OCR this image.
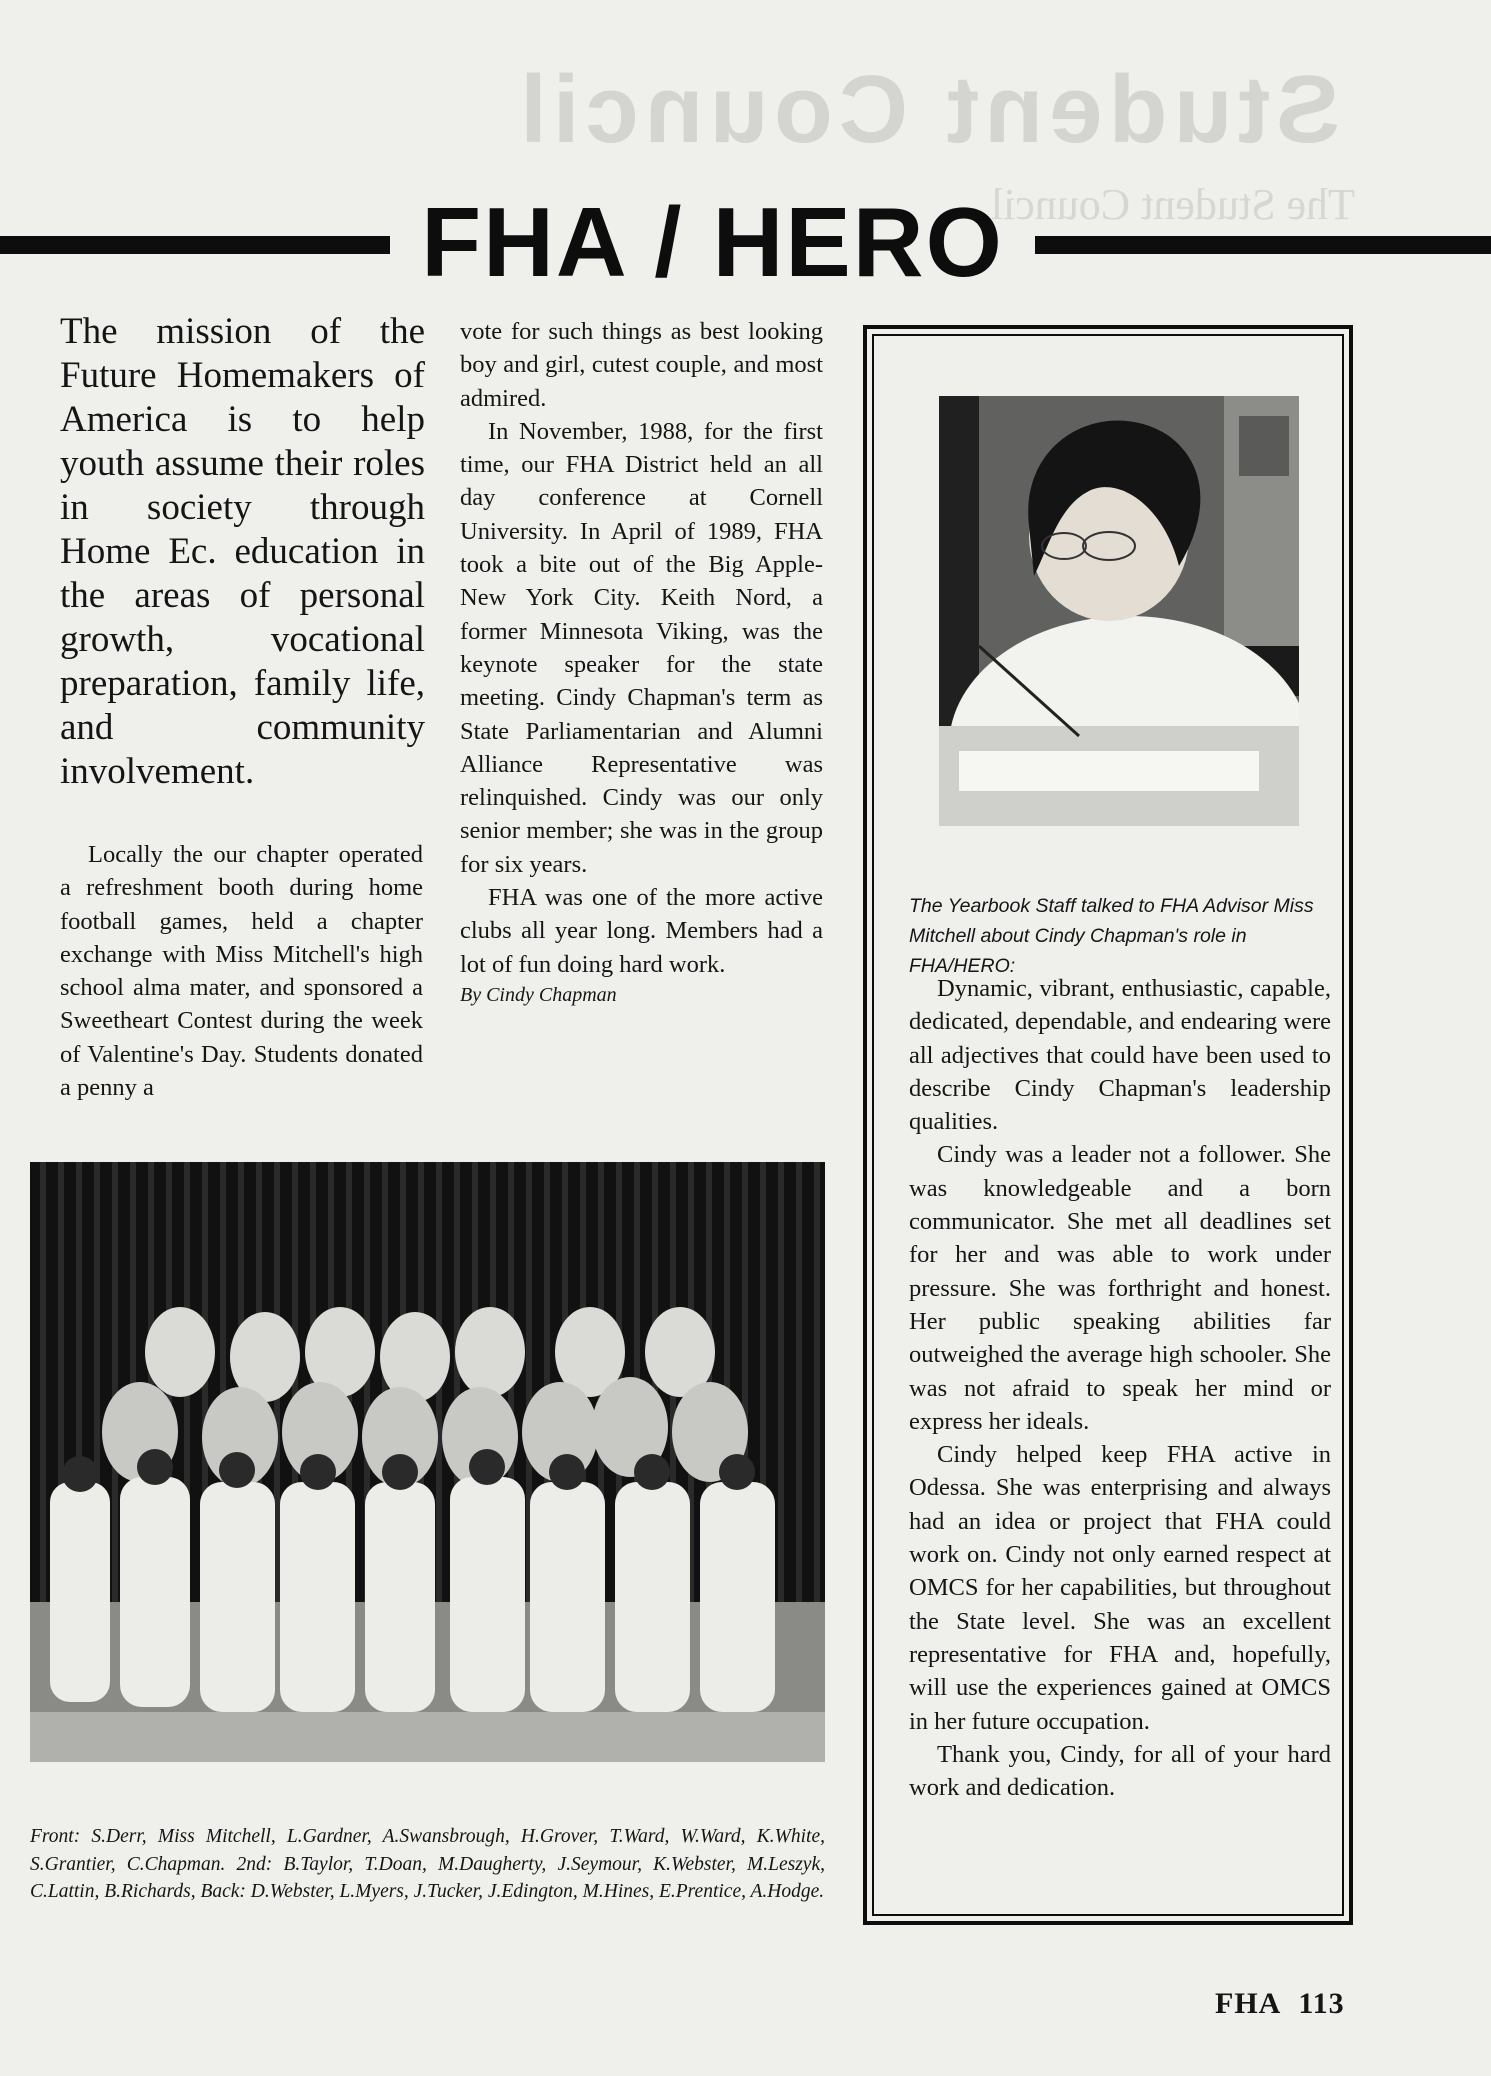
Student Council
The Student Council
FHA / HERO

The mission of the Future Homemakers of America is to help youth assume their roles in society through Home Ec. education in the areas of personal growth, vocational preparation, family life, and community involvement.

Locally the our chapter operated a refreshment booth during home football games, held a chapter exchange with Miss Mitchell's high school alma mater, and sponsored a Sweetheart Contest during the week of Valentine's Day. Students donated a penny a

vote for such things as best looking boy and girl, cutest couple, and most admired.

In November, 1988, for the first time, our FHA District held an all day conference at Cornell University. In April of 1989, FHA took a bite out of the Big Apple-New York City. Keith Nord, a former Minnesota Viking, was the keynote speaker for the state meeting. Cindy Chapman's term as State Parliamentarian and Alumni Alliance Representative was relinquished. Cindy was our only senior member; she was in the group for six years.

FHA was one of the more active clubs all year long. Members had a lot of fun doing hard work.

By Cindy Chapman

The Yearbook Staff talked to FHA Advisor Miss Mitchell about Cindy Chapman's role in FHA/HERO:

Dynamic, vibrant, enthusiastic, capable, dedicated, dependable, and endearing were all adjectives that could have been used to describe Cindy Chapman's leadership qualities.

Cindy was a leader not a follower. She was knowledgeable and a born communicator. She met all deadlines set for her and was able to work under pressure. She was forthright and honest. Her public speaking abilities far outweighed the average high schooler. She was not afraid to speak her mind or express her ideals.

Cindy helped keep FHA active in Odessa. She was enterprising and always had an idea or project that FHA could work on. Cindy not only earned respect at OMCS for her capabilities, but throughout the State level. She was an excellent representative for FHA and, hopefully, will use the experiences gained at OMCS in her future occupation.

Thank you, Cindy, for all of your hard work and dedication.

Front: S.Derr, Miss Mitchell, L.Gardner, A.Swansbrough, H.Grover, T.Ward, W.Ward, K.White, S.Grantier, C.Chapman. 2nd: B.Taylor, T.Doan, M.Daugherty, J.Seymour, K.Webster, M.Leszyk, C.Lattin, B.Richards, Back: D.Webster, L.Myers, J.Tucker, J.Edington, M.Hines, E.Prentice, A.Hodge.
FHA 113
